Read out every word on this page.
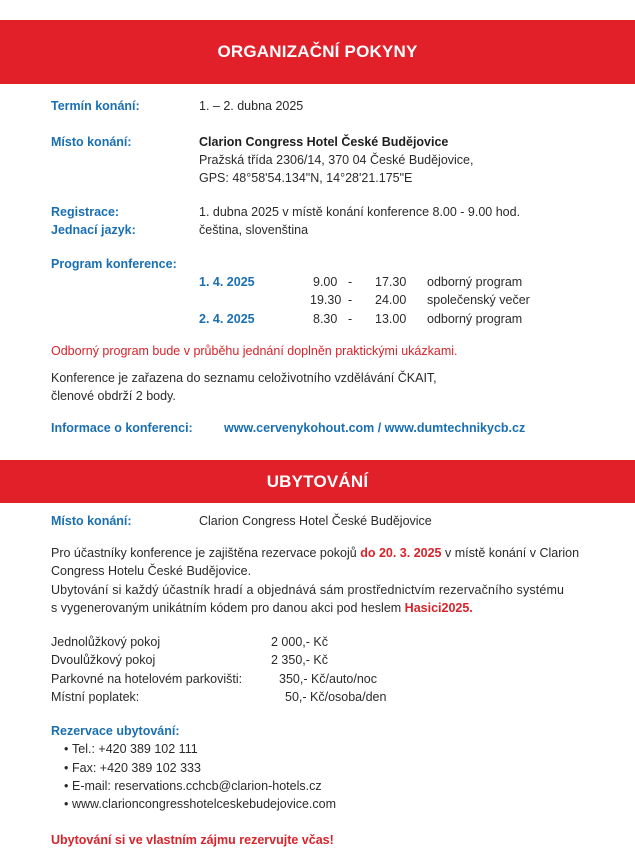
ORGANIZAČNÍ POKYNY
Termín konání:	1. – 2. dubna 2025
Místo konání:	Clarion Congress Hotel České Budějovice
Pražská třída 2306/14, 370 04 České Budějovice,
GPS: 48°58'54.134"N, 14°28'21.175"E
Registrace:	1. dubna 2025 v místě konání konference 8.00 - 9.00 hod.
Jednací jazyk:	čeština, slovenština
Program konference:
1. 4. 2025	9.00 - 17.30 odborný program
19.30 - 24.00 společenský večer
2. 4. 2025	8.30 - 13.00 odborný program
Odborný program bude v průběhu jednání doplněn praktickými ukázkami.
Konference je zařazena do seznamu celoživotního vzdělávání ČKAIT,
členové obdrží 2 body.
Informace o konferenci:	www.cervenykohout.com / www.dumtechnikycb.cz
UBYTOVÁNÍ
Místo konání:	Clarion Congress Hotel České Budějovice
Pro účastníky konference je zajištěna rezervace pokojů do 20. 3. 2025 v místě konání v Clarion
Congress Hotelu České Budějovice.
Ubytování si každý účastník hradí a objednává sám prostřednictvím rezervačního systému
s vygenerovaným unikátním kódem pro danou akci pod heslem Hasici2025.
Jednolůžkový pokoj	2 000,- Kč
Dvoulůžkový pokoj	2 350,- Kč
Parkovné na hotelovém parkovišti:	350,- Kč/auto/noc
Místní poplatek:	50,- Kč/osoba/den
Rezervace ubytování:
• Tel.: +420 389 102 111
• Fax: +420 389 102 333
• E-mail: reservations.cchcb@clarion-hotels.cz
• www.clarioncongresshotelceskebudejovice.com
Ubytování si ve vlastním zájmu rezervujte včas!
